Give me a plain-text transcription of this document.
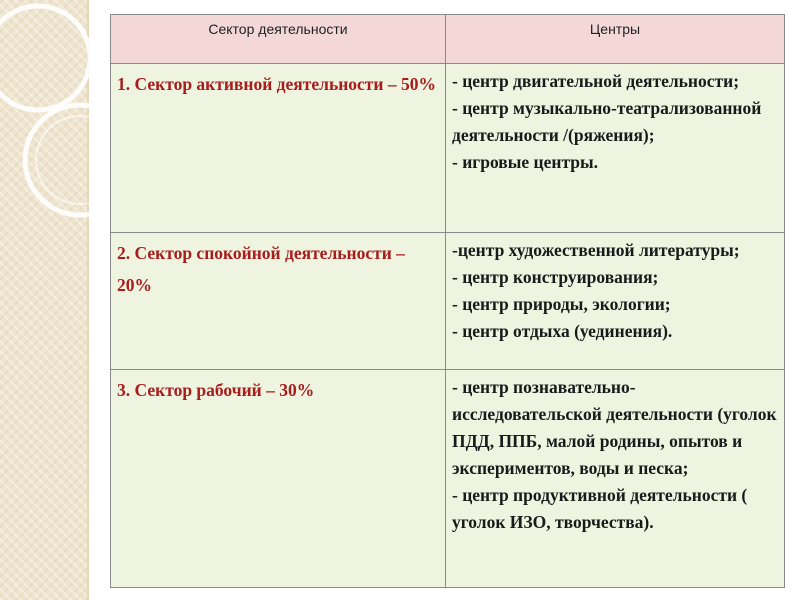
Сектор деятельности	Центры

1. Сектор активной деятельности – 50%	- центр двигательной деятельности;
- центр музыкально-театрализованной деятельности /(ряжения);
- игровые центры.

2. Сектор спокойной деятельности – 20%	-центр художественной литературы;
- центр конструирования;
- центр природы, экологии;
- центр отдыха (уединения).

3. Сектор рабочий – 30%	- центр познавательно-исследовательской деятельности (уголок ПДД, ППБ, малой родины, опытов и экспериментов, воды и песка;
- центр продуктивной деятельности ( уголок ИЗО, творчества).
